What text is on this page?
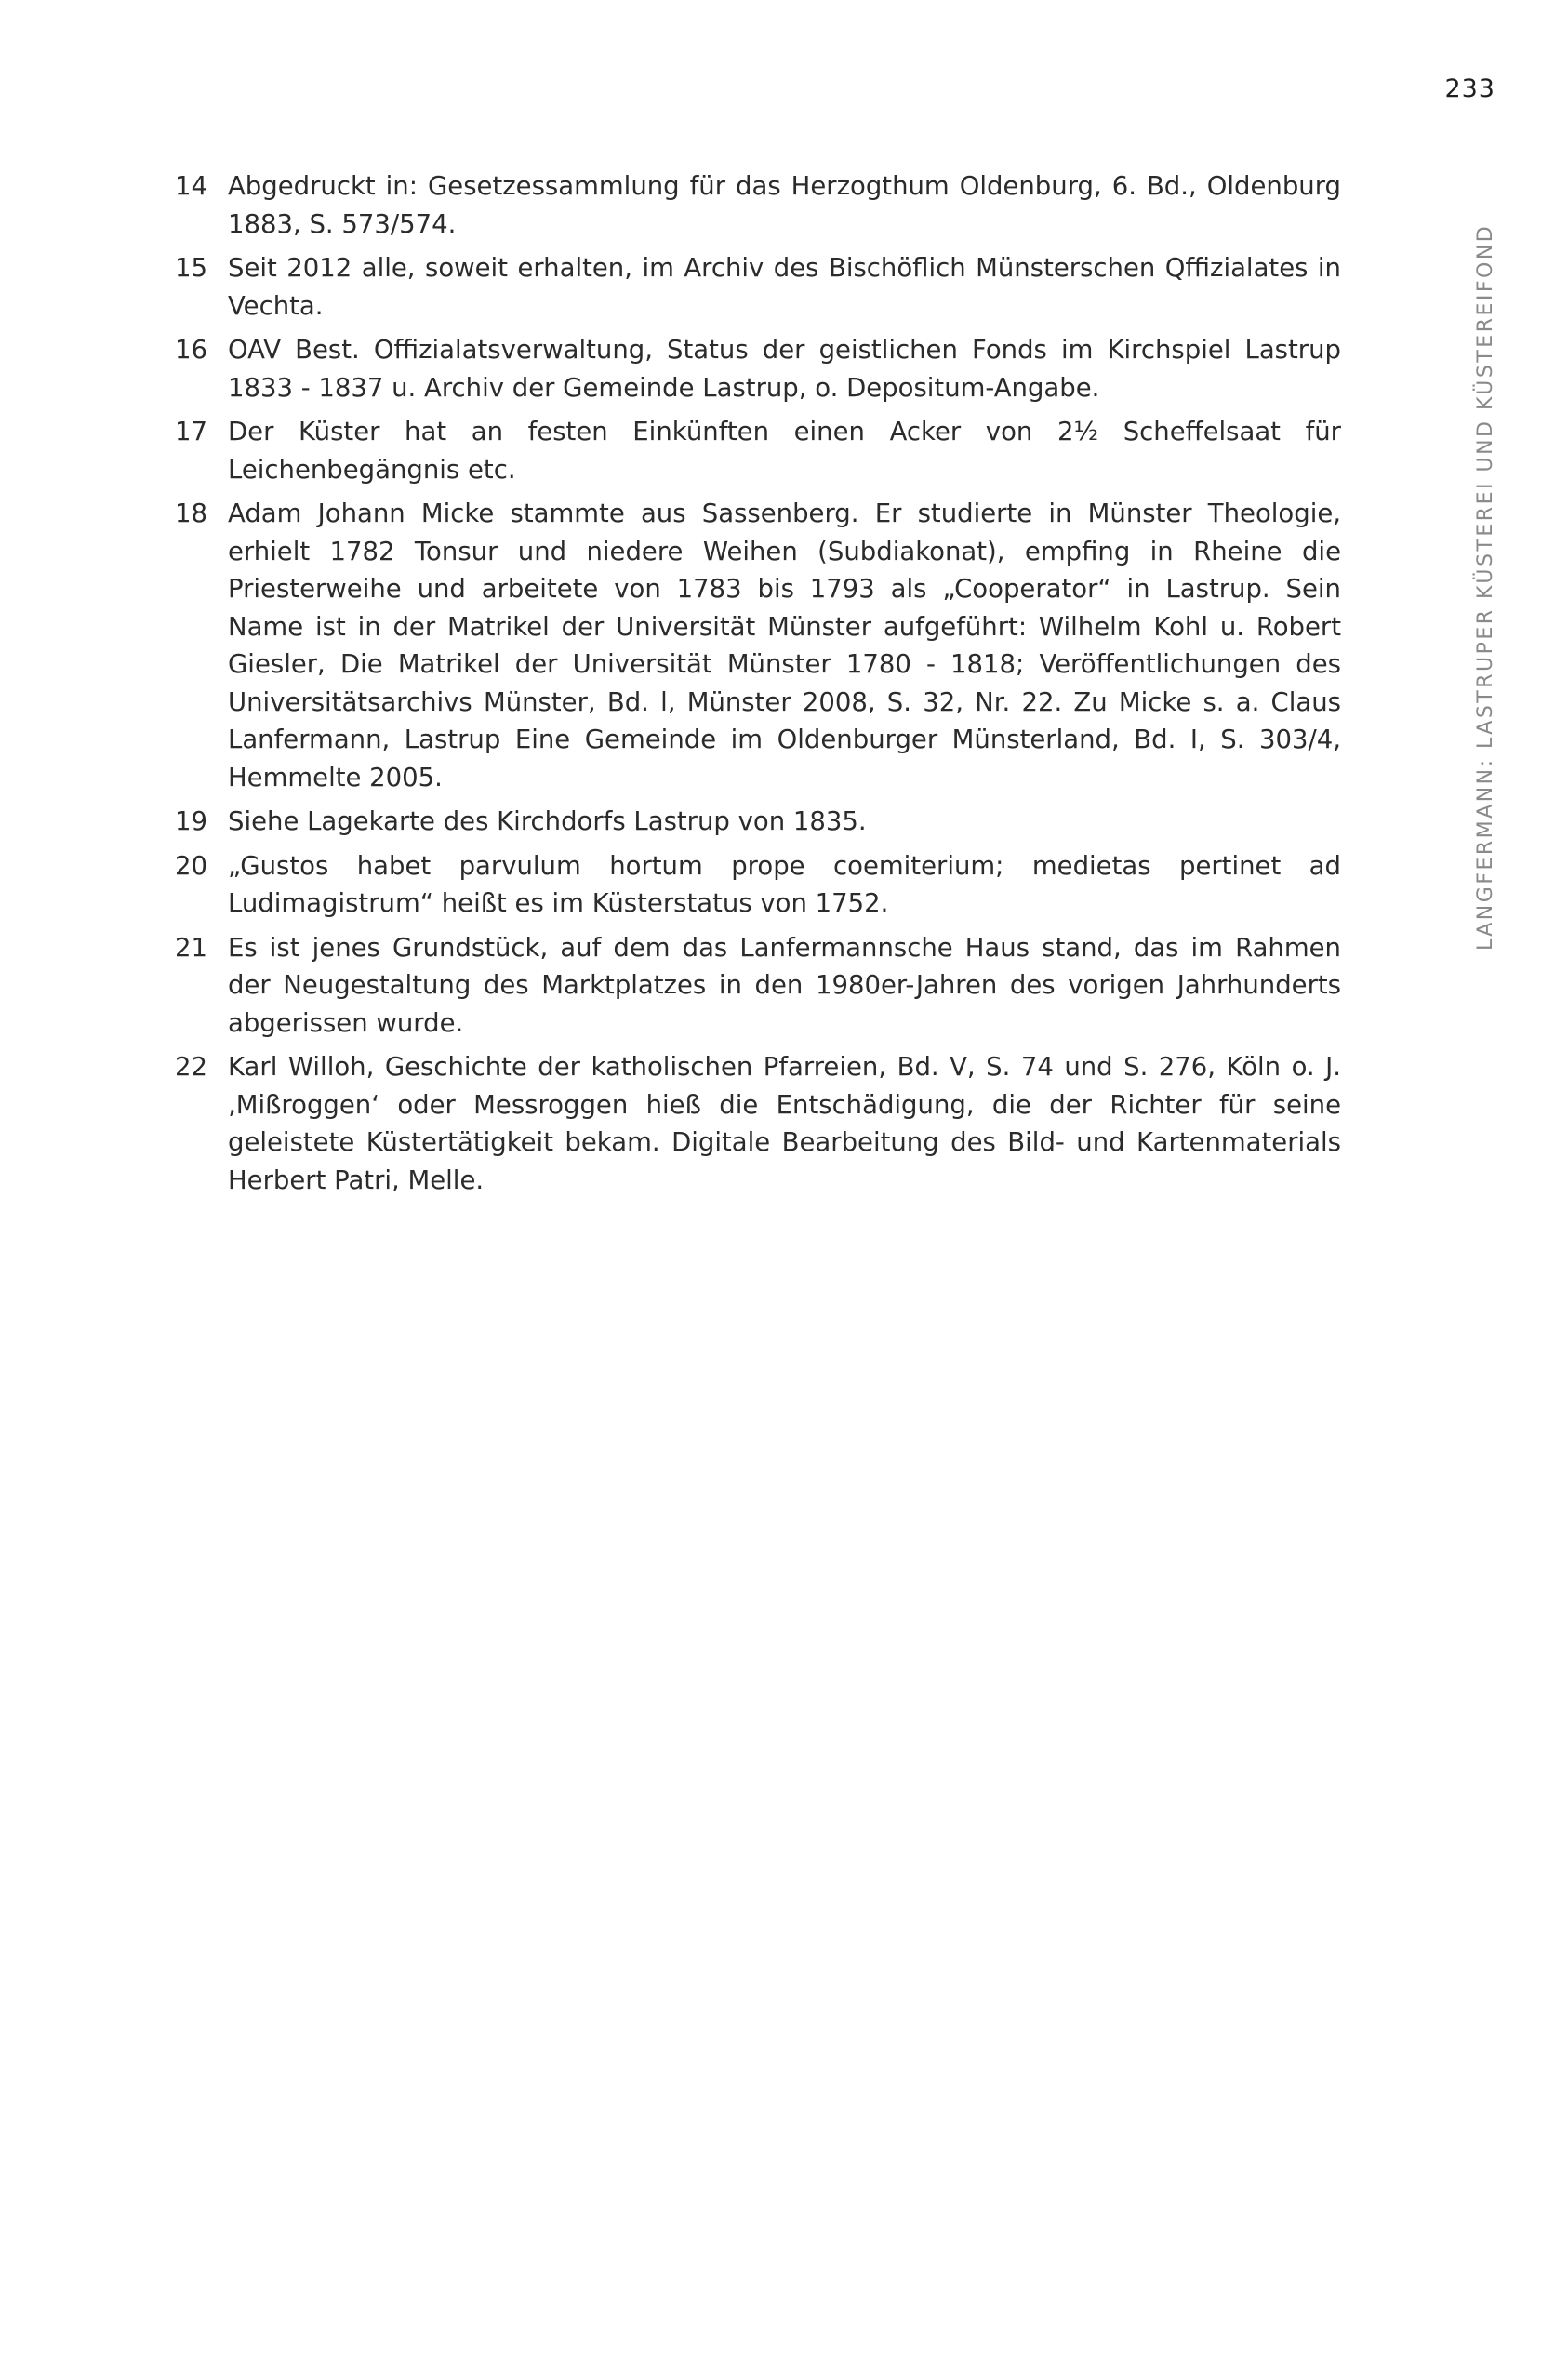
233
LANGFERMANN: LASTRUPER KÜSTEREI UND KÜSTEREIFOND
14 Abgedruckt in: Gesetzessammlung für das Herzogthum Oldenburg, 6. Bd., Oldenburg 1883, S. 573/574.
15 Seit 2012 alle, soweit erhalten, im Archiv des Bischöflich Münsterschen Qffizialates in Vechta.
16 OAV Best. Offizialatsverwaltung, Status der geistlichen Fonds im Kirchspiel Lastrup 1833 - 1837 u. Archiv der Gemeinde Lastrup, o. Depositum-Angabe.
17 Der Küster hat an festen Einkünften einen Acker von 2½ Scheffelsaat für Leichenbegängnis etc.
18 Adam Johann Micke stammte aus Sassenberg. Er studierte in Münster Theologie, erhielt 1782 Tonsur und niedere Weihen (Subdiakonat), empfing in Rheine die Priesterweihe und arbeitete von 1783 bis 1793 als „Cooperator“ in Lastrup. Sein Name ist in der Matrikel der Universität Münster aufgeführt: Wilhelm Kohl u. Robert Giesler, Die Matrikel der Universität Münster 1780 - 1818; Veröffentlichungen des Universitätsarchivs Münster, Bd. l, Münster 2008, S. 32, Nr. 22. Zu Micke s. a. Claus Lanfermann, Lastrup Eine Gemeinde im Oldenburger Münsterland, Bd. I, S. 303/4, Hemmelte 2005.
19 Siehe Lagekarte des Kirchdorfs Lastrup von 1835.
20 „Gustos habet parvulum hortum prope coemiterium; medietas pertinet ad Ludimagistrum“ heißt es im Küsterstatus von 1752.
21 Es ist jenes Grundstück, auf dem das Lanfermannsche Haus stand, das im Rahmen der Neugestaltung des Marktplatzes in den 1980er-Jahren des vorigen Jahrhunderts abgerissen wurde.
22 Karl Willoh, Geschichte der katholischen Pfarreien, Bd. V, S. 74 und S. 276, Köln o. J. ‚Mißroggen‘ oder Messroggen hieß die Entschädigung, die der Richter für seine geleistete Küstertätigkeit bekam. Digitale Bearbeitung des Bild- und Kartenmaterials Herbert Patri, Melle.
